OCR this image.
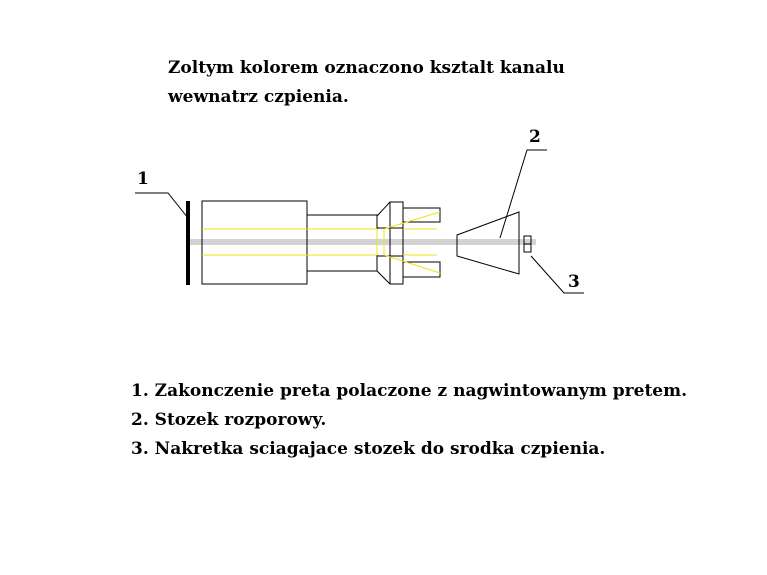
Zoltym kolorem oznaczono ksztalt kanalu
wewnatrz czpienia.
1
2
3
1. Zakonczenie preta polaczone z nagwintowanym pretem.
2. Stozek rozporowy.
3. Nakretka sciagajace stozek do srodka czpienia.
